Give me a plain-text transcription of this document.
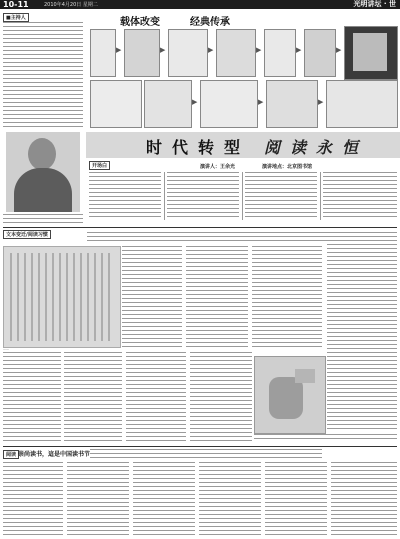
10-11	2010年4月20日 星期二	光明讲坛 · 世
■主持人	载体改变	经典传承
▶	▶	▶	▶	▶	▶
▶	▶	▶
时 代 转 型 阅 读 永 恒
开场白	演讲人：王余光	演讲地点：北京图书馆
文本变迁/阅读习惯
——
阅读 崇尚读书，這是中国读书节
